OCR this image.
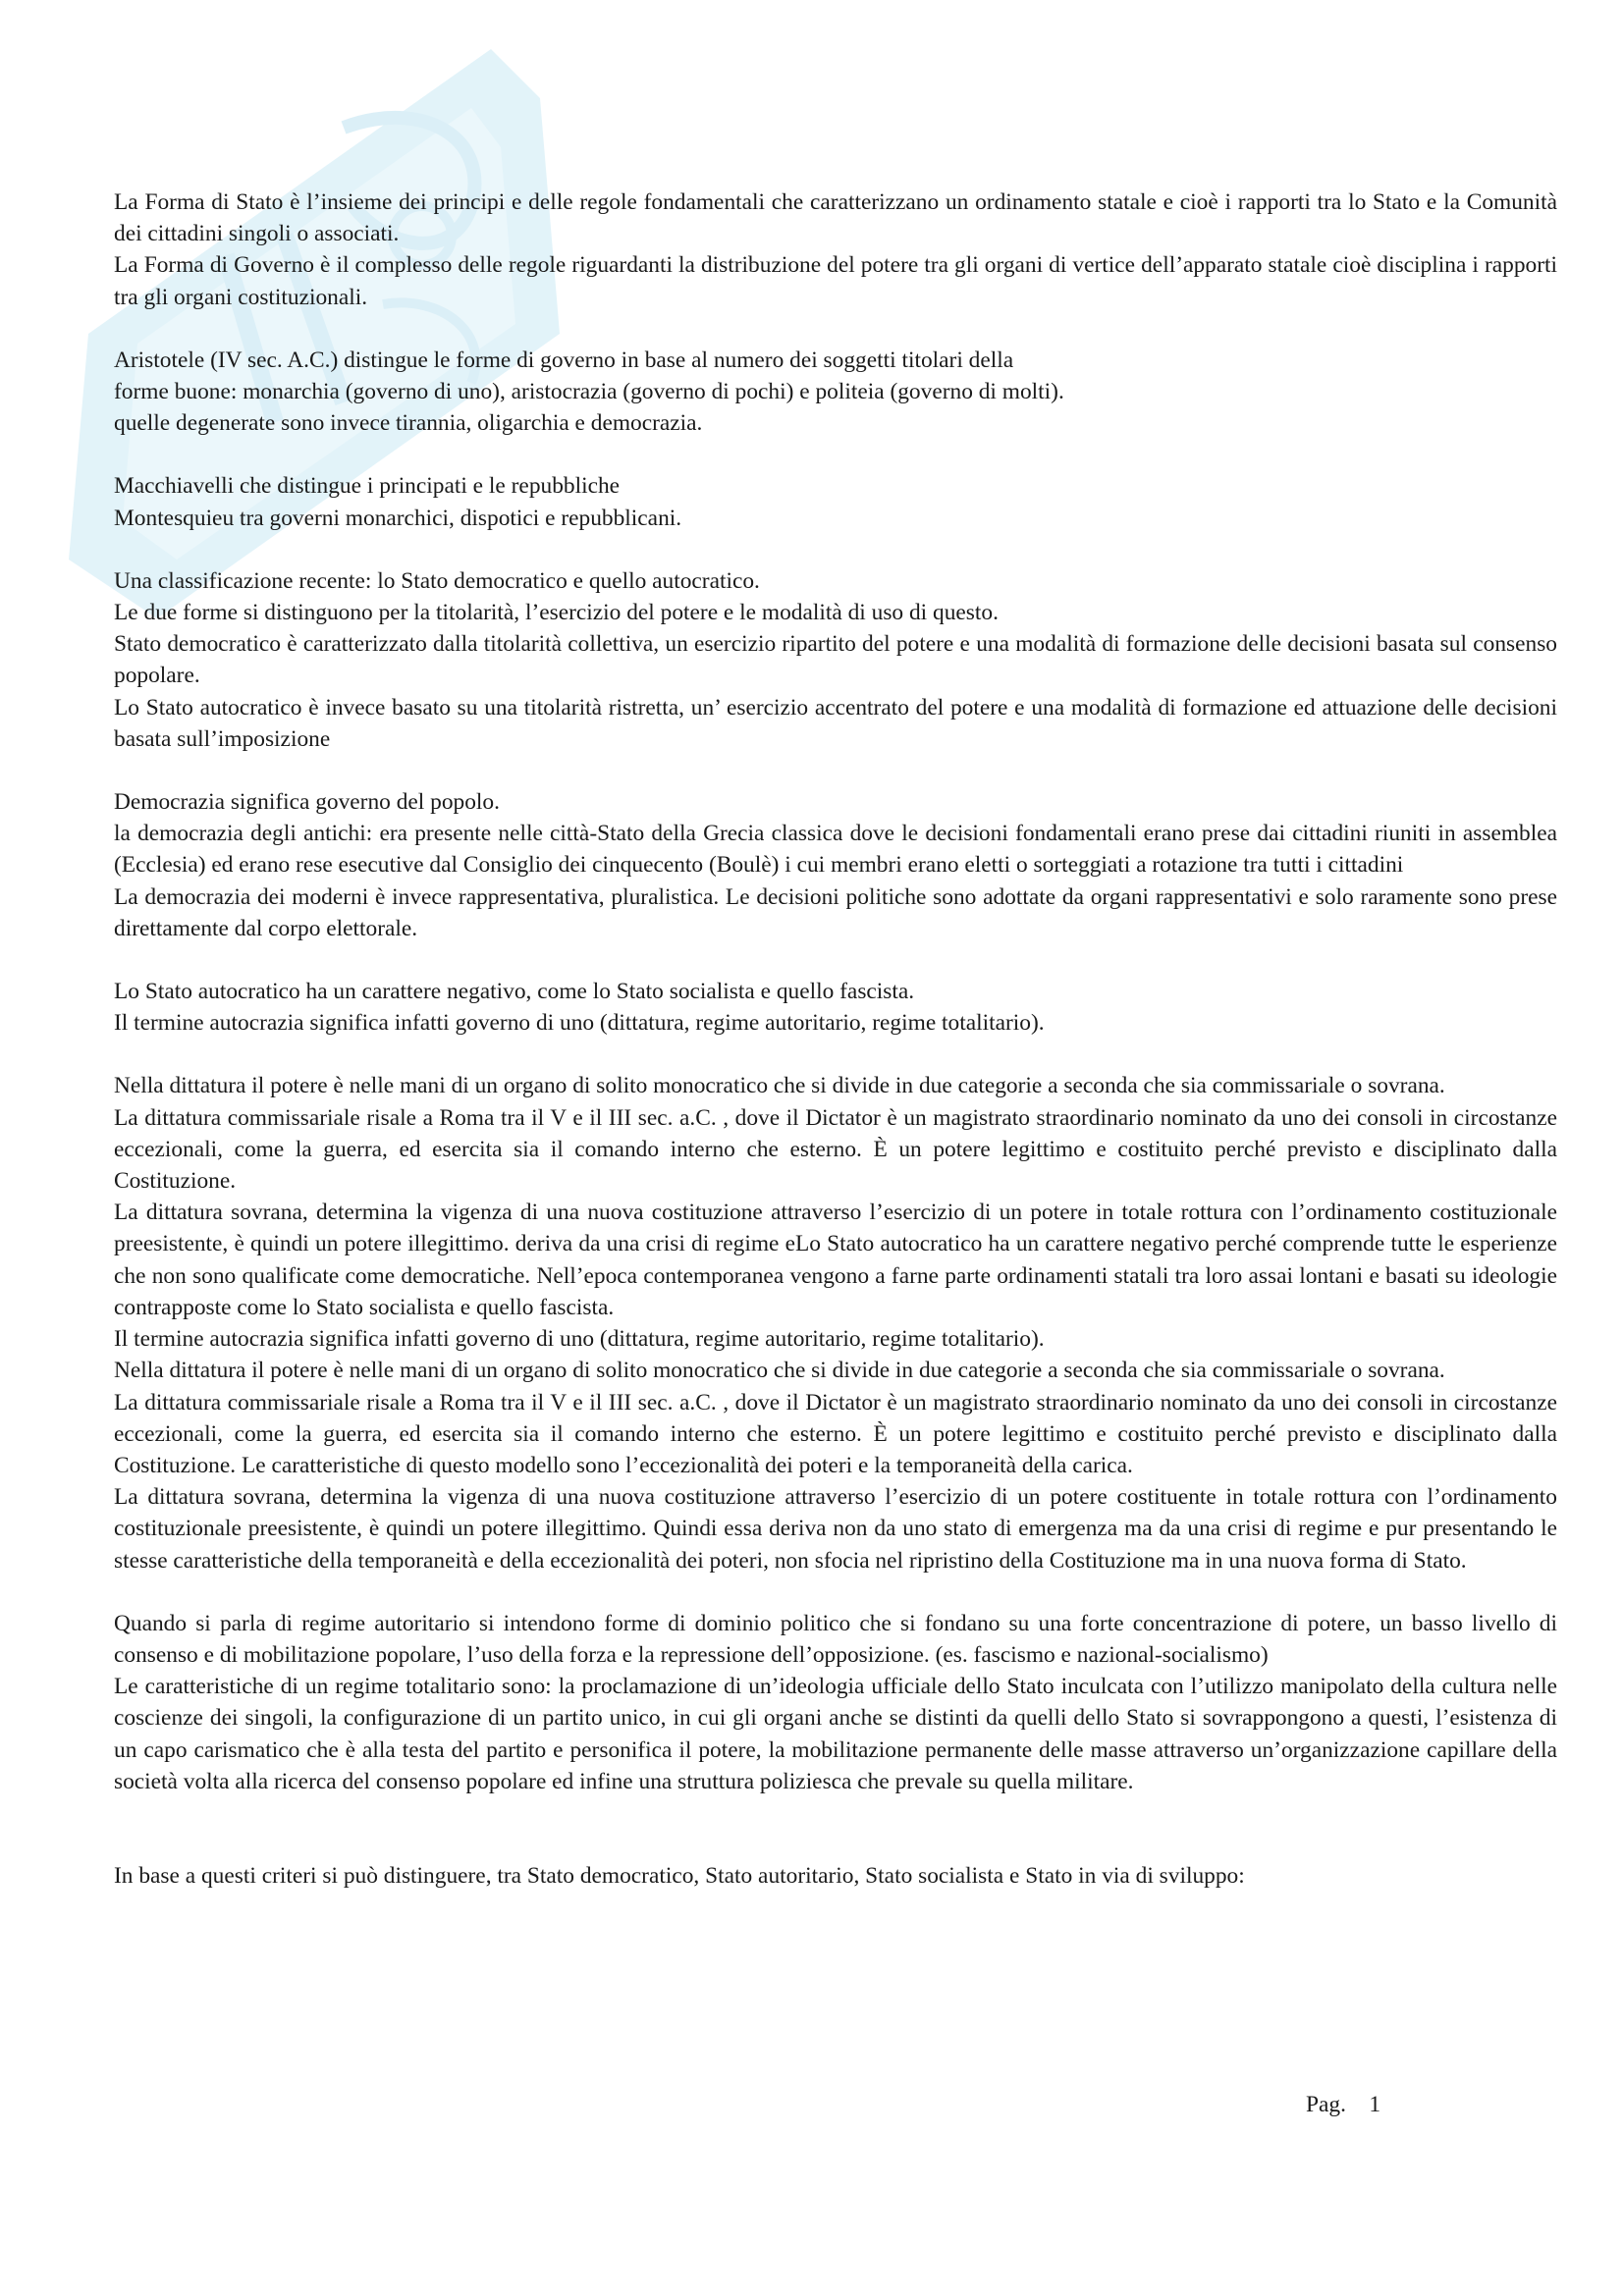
La Forma di Stato è l’insieme dei principi e delle regole fondamentali che caratterizzano un ordinamento statale e cioè i rapporti tra lo Stato e la Comunità dei cittadini singoli o associati.

La Forma di Governo è il complesso delle regole riguardanti la distribuzione del potere tra gli organi di vertice dell’apparato statale cioè disciplina i rapporti tra gli organi costituzionali.

Aristotele (IV sec. A.C.) distingue le forme di governo in base al numero dei soggetti titolari della

forme buone: monarchia (governo di uno), aristocrazia (governo di pochi) e politeia (governo di molti).

quelle degenerate sono invece tirannia, oligarchia e democrazia.

Macchiavelli che distingue i principati e le repubbliche

Montesquieu tra governi monarchici, dispotici e repubblicani.

Una classificazione recente: lo Stato democratico e quello autocratico.

Le due forme si distinguono per la titolarità, l’esercizio del potere e le modalità di uso di questo.

Stato democratico è caratterizzato dalla titolarità collettiva, un esercizio ripartito del potere e una modalità di formazione delle decisioni basata sul consenso popolare.

Lo Stato autocratico è invece basato su una titolarità ristretta, un’ esercizio accentrato del potere e una modalità di formazione ed attuazione delle decisioni basata sull’imposizione

Democrazia significa governo del popolo.

la democrazia degli antichi: era presente nelle città-Stato della Grecia classica dove le decisioni fondamentali erano prese dai cittadini riuniti in assemblea (Ecclesia) ed erano rese esecutive dal Consiglio dei cinquecento (Boulè) i cui membri erano eletti o sorteggiati a rotazione tra tutti i cittadini

La democrazia dei moderni è invece rappresentativa, pluralistica. Le decisioni politiche sono adottate da organi rappresentativi e solo raramente sono prese direttamente dal corpo elettorale.

Lo Stato autocratico ha un carattere negativo, come lo Stato socialista e quello fascista.

Il termine autocrazia significa infatti governo di uno (dittatura, regime autoritario, regime totalitario).

Nella dittatura il potere è nelle mani di un organo di solito monocratico che si divide in due categorie a seconda che sia commissariale o sovrana.

La dittatura commissariale risale a Roma tra il V e il III sec. a.C. , dove il Dictator è un magistrato straordinario nominato da uno dei consoli in circostanze eccezionali, come la guerra, ed esercita sia il comando interno che esterno. È un potere legittimo e costituito perché previsto e disciplinato dalla Costituzione.

La dittatura sovrana, determina la vigenza di una nuova costituzione attraverso l’esercizio di un potere in totale rottura con l’ordinamento costituzionale preesistente, è quindi un potere illegittimo. deriva da una crisi di regime eLo Stato autocratico ha un carattere negativo perché comprende tutte le esperienze che non sono qualificate come democratiche. Nell’epoca contemporanea vengono a farne parte ordinamenti statali tra loro assai lontani e basati su ideologie contrapposte come lo Stato socialista e quello fascista.

Il termine autocrazia significa infatti governo di uno (dittatura, regime autoritario, regime totalitario).

Nella dittatura il potere è nelle mani di un organo di solito monocratico che si divide in due categorie a seconda che sia commissariale o sovrana.

La dittatura commissariale risale a Roma tra il V e il III sec. a.C. , dove il Dictator è un magistrato straordinario nominato da uno dei consoli in circostanze eccezionali, come la guerra, ed esercita sia il comando interno che esterno. È un potere legittimo e costituito perché previsto e disciplinato dalla Costituzione. Le caratteristiche di questo modello sono l’eccezionalità dei poteri e la temporaneità della carica.

La dittatura sovrana, determina la vigenza di una nuova costituzione attraverso l’esercizio di un potere costituente in totale rottura con l’ordinamento costituzionale preesistente, è quindi un potere illegittimo. Quindi essa deriva non da uno stato di emergenza ma da una crisi di regime e pur presentando le stesse caratteristiche della temporaneità e della eccezionalità dei poteri, non sfocia nel ripristino della Costituzione ma in una nuova forma di Stato.

Quando si parla di regime autoritario si intendono forme di dominio politico che si fondano su una forte concentrazione di potere, un basso livello di consenso e di mobilitazione popolare, l’uso della forza e la repressione dell’opposizione. (es. fascismo e nazional-socialismo)

Le caratteristiche di un regime totalitario sono: la proclamazione di un’ideologia ufficiale dello Stato inculcata con l’utilizzo manipolato della cultura nelle coscienze dei singoli, la configurazione di un partito unico, in cui gli organi anche se distinti da quelli dello Stato si sovrappongono a questi, l’esistenza di un capo carismatico che è alla testa del partito e personifica il potere, la mobilitazione permanente delle masse attraverso un’organizzazione capillare della società volta alla ricerca del consenso popolare ed infine una struttura poliziesca che prevale su quella militare.

In base a questi criteri si può distinguere, tra Stato democratico, Stato autoritario, Stato socialista e Stato in via di sviluppo:

Pag. 1
